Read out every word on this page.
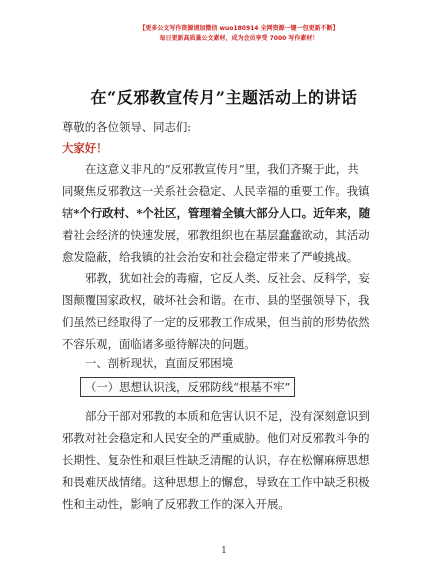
【更多公文写作资源请加微信 wuo180914 全网资源一键一包更新不断】
每日更新高质量公文素材，成为会员享受 7000 写作素材！
在“反邪教宣传月”主题活动上的讲话
尊敬的各位领导、同志们:
大家好！
在这意义非凡的“反邪教宣传月”里，我们齐聚于此，共
同聚焦反邪教这一关系社会稳定、人民幸福的重要工作。我镇
辖*个行政村、*个社区，管理着全镇大部分人口。近年来，随
着社会经济的快速发展，邪教组织也在基层蠢蠢欲动，其活动
愈发隐蔽，给我镇的社会治安和社会稳定带来了严峻挑战。
邪教，犹如社会的毒瘤，它反人类、反社会、反科学，妄
图颠覆国家政权，破坏社会和谐。在市、县的坚强领导下，我
们虽然已经取得了一定的反邪教工作成果，但当前的形势依然
不容乐观，面临诸多亟待解决的问题。
一、剖析现状，直面反邪困境
（一）思想认识浅，反邪防线“根基不牢”
部分干部对邪教的本质和危害认识不足，没有深刻意识到
邪教对社会稳定和人民安全的严重威胁。他们对反邪教斗争的
长期性、复杂性和艰巨性缺乏清醒的认识，存在松懈麻痹思想
和畏难厌战情绪。这种思想上的懈怠，导致在工作中缺乏积极
性和主动性，影响了反邪教工作的深入开展。
1
